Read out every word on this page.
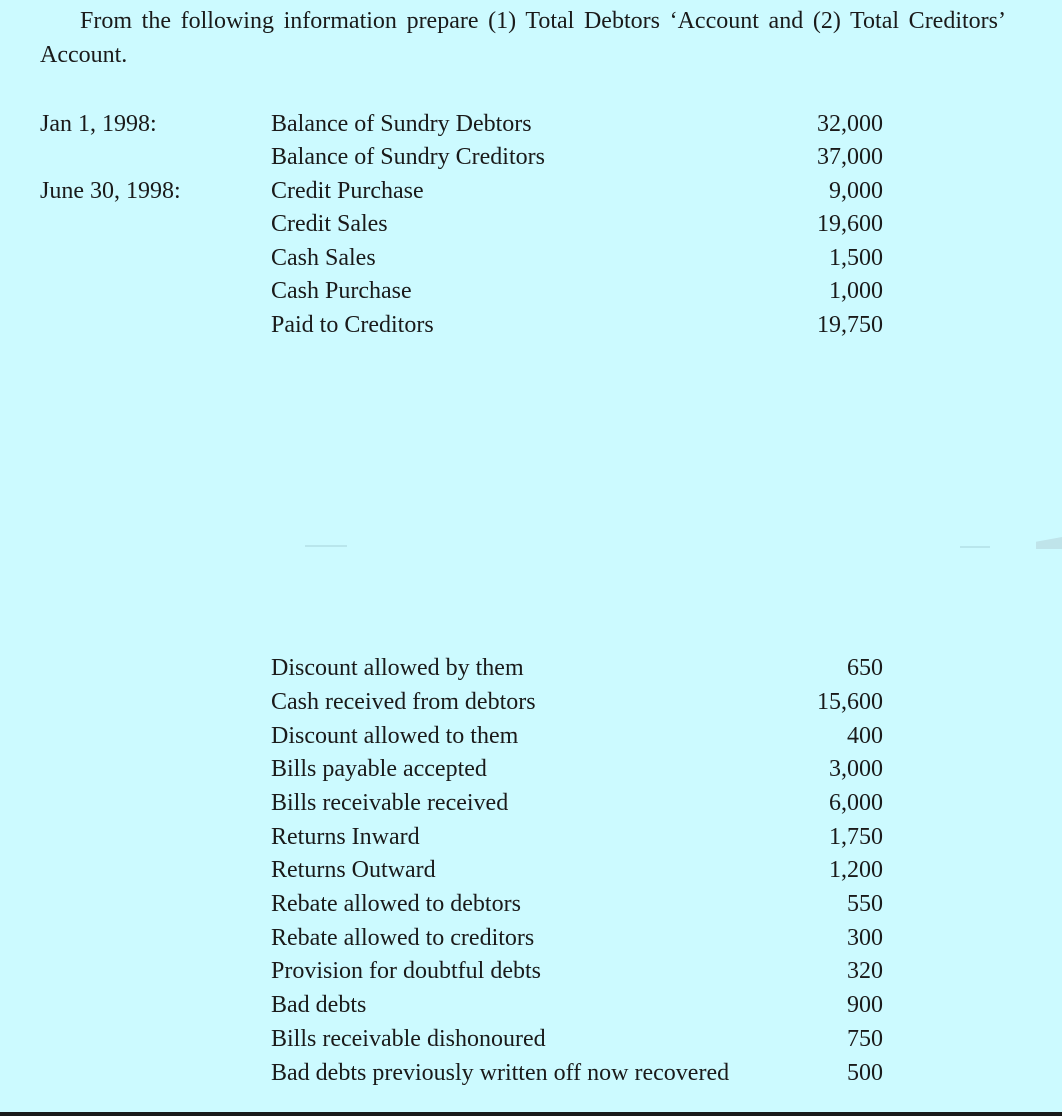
From the following information prepare (1) Total Debtors ‘Account and (2) Total Creditors’ Account.

Jan 1, 1998:	Balance of Sundry Debtors	32,000
Balance of Sundry Creditors	37,000
June 30, 1998:	Credit Purchase	9,000
Credit Sales	19,600
Cash Sales	1,500
Cash Purchase	1,000
Paid to Creditors	19,750
Discount allowed by them	650
Cash received from debtors	15,600
Discount allowed to them	400
Bills payable accepted	3,000
Bills receivable received	6,000
Returns Inward	1,750
Returns Outward	1,200
Rebate allowed to debtors	550
Rebate allowed to creditors	300
Provision for doubtful debts	320
Bad debts	900
Bills receivable dishonoured	750
Bad debts previously written off now recovered	500
